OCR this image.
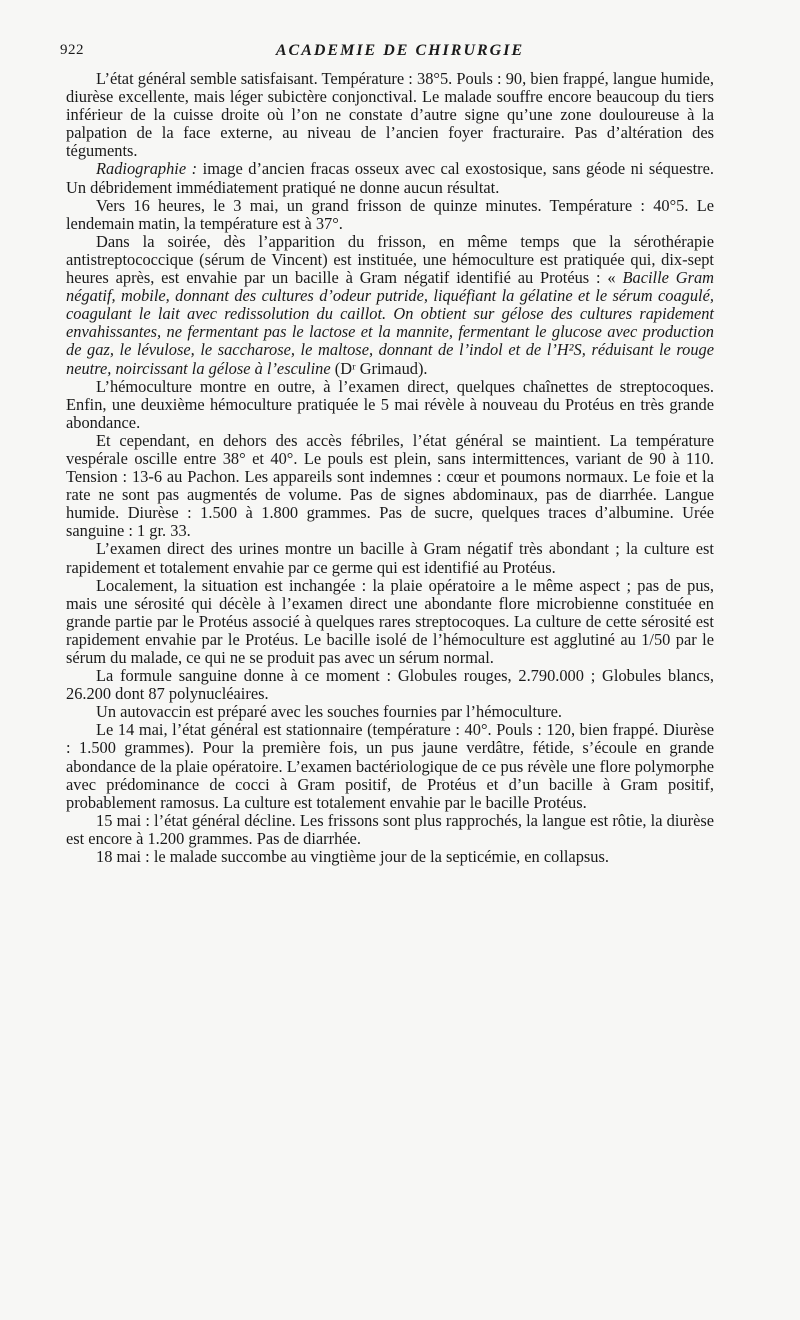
922	ACADEMIE DE CHIRURGIE

L’état général semble satisfaisant. Température : 38°5. Pouls : 90, bien frappé, langue humide, diurèse excellente, mais léger subictère conjonctival. Le malade souffre encore beaucoup du tiers inférieur de la cuisse droite où l’on ne constate d’autre signe qu’une zone douloureuse à la palpation de la face externe, au niveau de l’ancien foyer fracturaire. Pas d’altération des téguments.

Radiographie : image d’ancien fracas osseux avec cal exostosique, sans géode ni séquestre. Un débridement immédiatement pratiqué ne donne aucun résultat.

Vers 16 heures, le 3 mai, un grand frisson de quinze minutes. Température : 40°5. Le lendemain matin, la température est à 37°.

Dans la soirée, dès l’apparition du frisson, en même temps que la sérothérapie antistreptococcique (sérum de Vincent) est instituée, une hémoculture est pratiquée qui, dix-sept heures après, est envahie par un bacille à Gram négatif identifié au Protéus : « Bacille Gram négatif, mobile, donnant des cultures d’odeur putride, liquéfiant la gélatine et le sérum coagulé, coagulant le lait avec redissolution du caillot. On obtient sur gélose des cultures rapidement envahissantes, ne fermentant pas le lactose et la mannite, fermentant le glucose avec production de gaz, le lévulose, le saccharose, le maltose, donnant de l’indol et de l’H²S, réduisant le rouge neutre, noircissant la gélose à l’esculine (Dʳ Grimaud).

L’hémoculture montre en outre, à l’examen direct, quelques chaînettes de streptocoques. Enfin, une deuxième hémoculture pratiquée le 5 mai révèle à nouveau du Protéus en très grande abondance.

Et cependant, en dehors des accès fébriles, l’état général se maintient. La température vespérale oscille entre 38° et 40°. Le pouls est plein, sans intermittences, variant de 90 à 110. Tension : 13-6 au Pachon. Les appareils sont indemnes : cœur et poumons normaux. Le foie et la rate ne sont pas augmentés de volume. Pas de signes abdominaux, pas de diarrhée. Langue humide. Diurèse : 1.500 à 1.800 grammes. Pas de sucre, quelques traces d’albumine. Urée sanguine : 1 gr. 33.

L’examen direct des urines montre un bacille à Gram négatif très abondant ; la culture est rapidement et totalement envahie par ce germe qui est identifié au Protéus.

Localement, la situation est inchangée : la plaie opératoire a le même aspect ; pas de pus, mais une sérosité qui décèle à l’examen direct une abondante flore microbienne constituée en grande partie par le Protéus associé à quelques rares streptocoques. La culture de cette sérosité est rapidement envahie par le Protéus. Le bacille isolé de l’hémoculture est agglutiné au 1/50 par le sérum du malade, ce qui ne se produit pas avec un sérum normal.

La formule sanguine donne à ce moment : Globules rouges, 2.790.000 ; Globules blancs, 26.200 dont 87 polynucléaires.

Un autovaccin est préparé avec les souches fournies par l’hémoculture.

Le 14 mai, l’état général est stationnaire (température : 40°. Pouls : 120, bien frappé. Diurèse : 1.500 grammes). Pour la première fois, un pus jaune verdâtre, fétide, s’écoule en grande abondance de la plaie opératoire. L’examen bactériologique de ce pus révèle une flore polymorphe avec prédominance de cocci à Gram positif, de Protéus et d’un bacille à Gram positif, probablement ramosus. La culture est totalement envahie par le bacille Protéus.

15 mai : l’état général décline. Les frissons sont plus rapprochés, la langue est rôtie, la diurèse est encore à 1.200 grammes. Pas de diarrhée.

18 mai : le malade succombe au vingtième jour de la septicémie, en collapsus.
